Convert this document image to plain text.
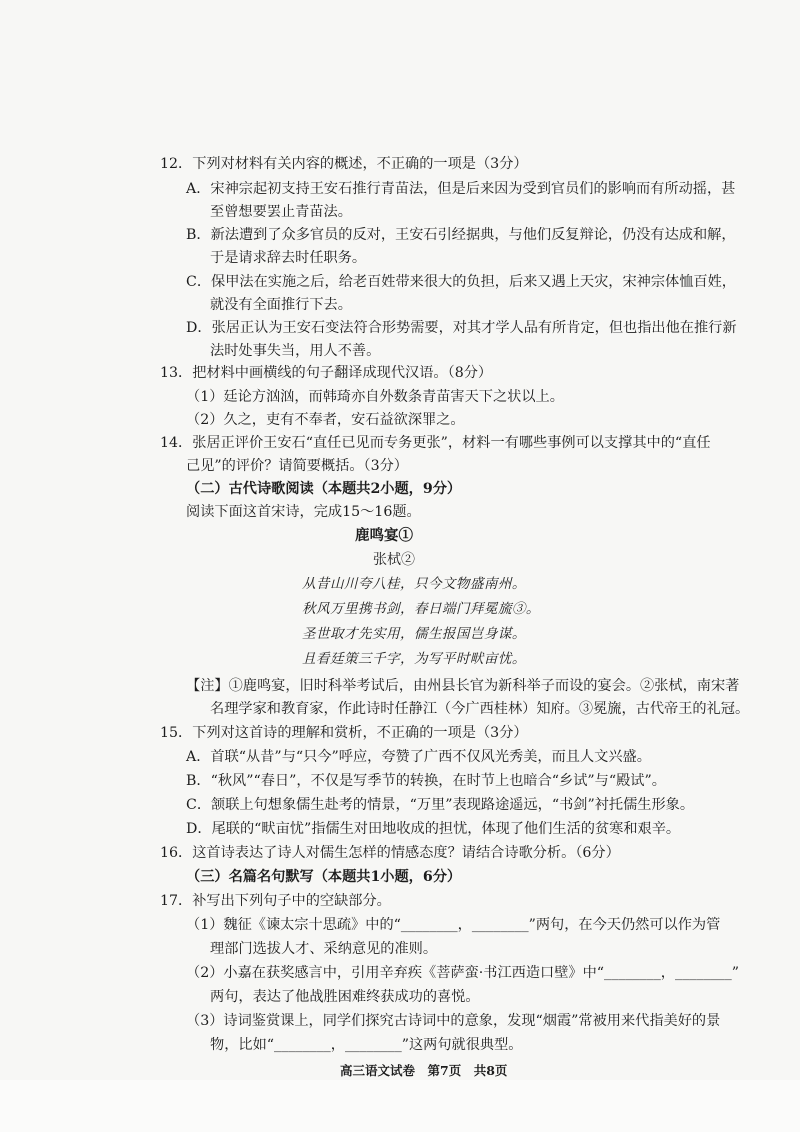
12．下列对材料有关内容的概述，不正确的一项是（3分）
A．宋神宗起初支持王安石推行青苗法，但是后来因为受到官员们的影响而有所动摇，甚
至曾想要罢止青苗法。
B．新法遭到了众多官员的反对，王安石引经据典，与他们反复辩论，仍没有达成和解，
于是请求辞去时任职务。
C．保甲法在实施之后，给老百姓带来很大的负担，后来又遇上天灾，宋神宗体恤百姓，
就没有全面推行下去。
D．张居正认为王安石变法符合形势需要，对其才学人品有所肯定，但也指出他在推行新
法时处事失当，用人不善。
13．把材料中画横线的句子翻译成现代汉语。（8分）
（1）廷论方汹汹，而韩琦亦自外数条青苗害天下之状以上。
（2）久之，吏有不奉者，安石益欲深罪之。
14．张居正评价王安石“直任已见而专务更张”，材料一有哪些事例可以支撑其中的“直任
己见”的评价？请简要概括。（3分）
（二）古代诗歌阅读（本题共2小题，9分）
阅读下面这首宋诗，完成15～16题。
鹿鸣宴①
张栻②
从昔山川夸八桂，只今文物盛南州。
秋风万里携书剑，春日端门拜冕旒③。
圣世取才先实用，儒生报国岂身谋。
且看廷策三千字，为写平时畎亩忧。
【注】①鹿鸣宴，旧时科举考试后，由州县长官为新科举子而设的宴会。②张栻，南宋著
名理学家和教育家，作此诗时任静江（今广西桂林）知府。③冕旒，古代帝王的礼冠。
15．下列对这首诗的理解和赏析，不正确的一项是（3分）
A．首联“从昔”与“只今”呼应，夸赞了广西不仅风光秀美，而且人文兴盛。
B．“秋风”“春日”，不仅是写季节的转换，在时节上也暗合“乡试”与“殿试”。
C．颔联上句想象儒生赴考的情景，“万里”表现路途遥远，“书剑”衬托儒生形象。
D．尾联的“畎亩忧”指儒生对田地收成的担忧，体现了他们生活的贫寒和艰辛。
16．这首诗表达了诗人对儒生怎样的情感态度？请结合诗歌分析。（6分）
（三）名篇名句默写（本题共1小题，6分）
17．补写出下列句子中的空缺部分。
（1）魏征《谏太宗十思疏》中的“________，________”两句，在今天仍然可以作为管
理部门选拔人才、采纳意见的准则。
（2）小嘉在获奖感言中，引用辛弃疾《菩萨蛮·书江西造口壁》中“________，________”
两句，表达了他战胜困难终获成功的喜悦。
（3）诗词鉴赏课上，同学们探究古诗词中的意象，发现“烟霞”常被用来代指美好的景
物，比如“________，________”这两句就很典型。
高三语文试卷　第7页　共8页
